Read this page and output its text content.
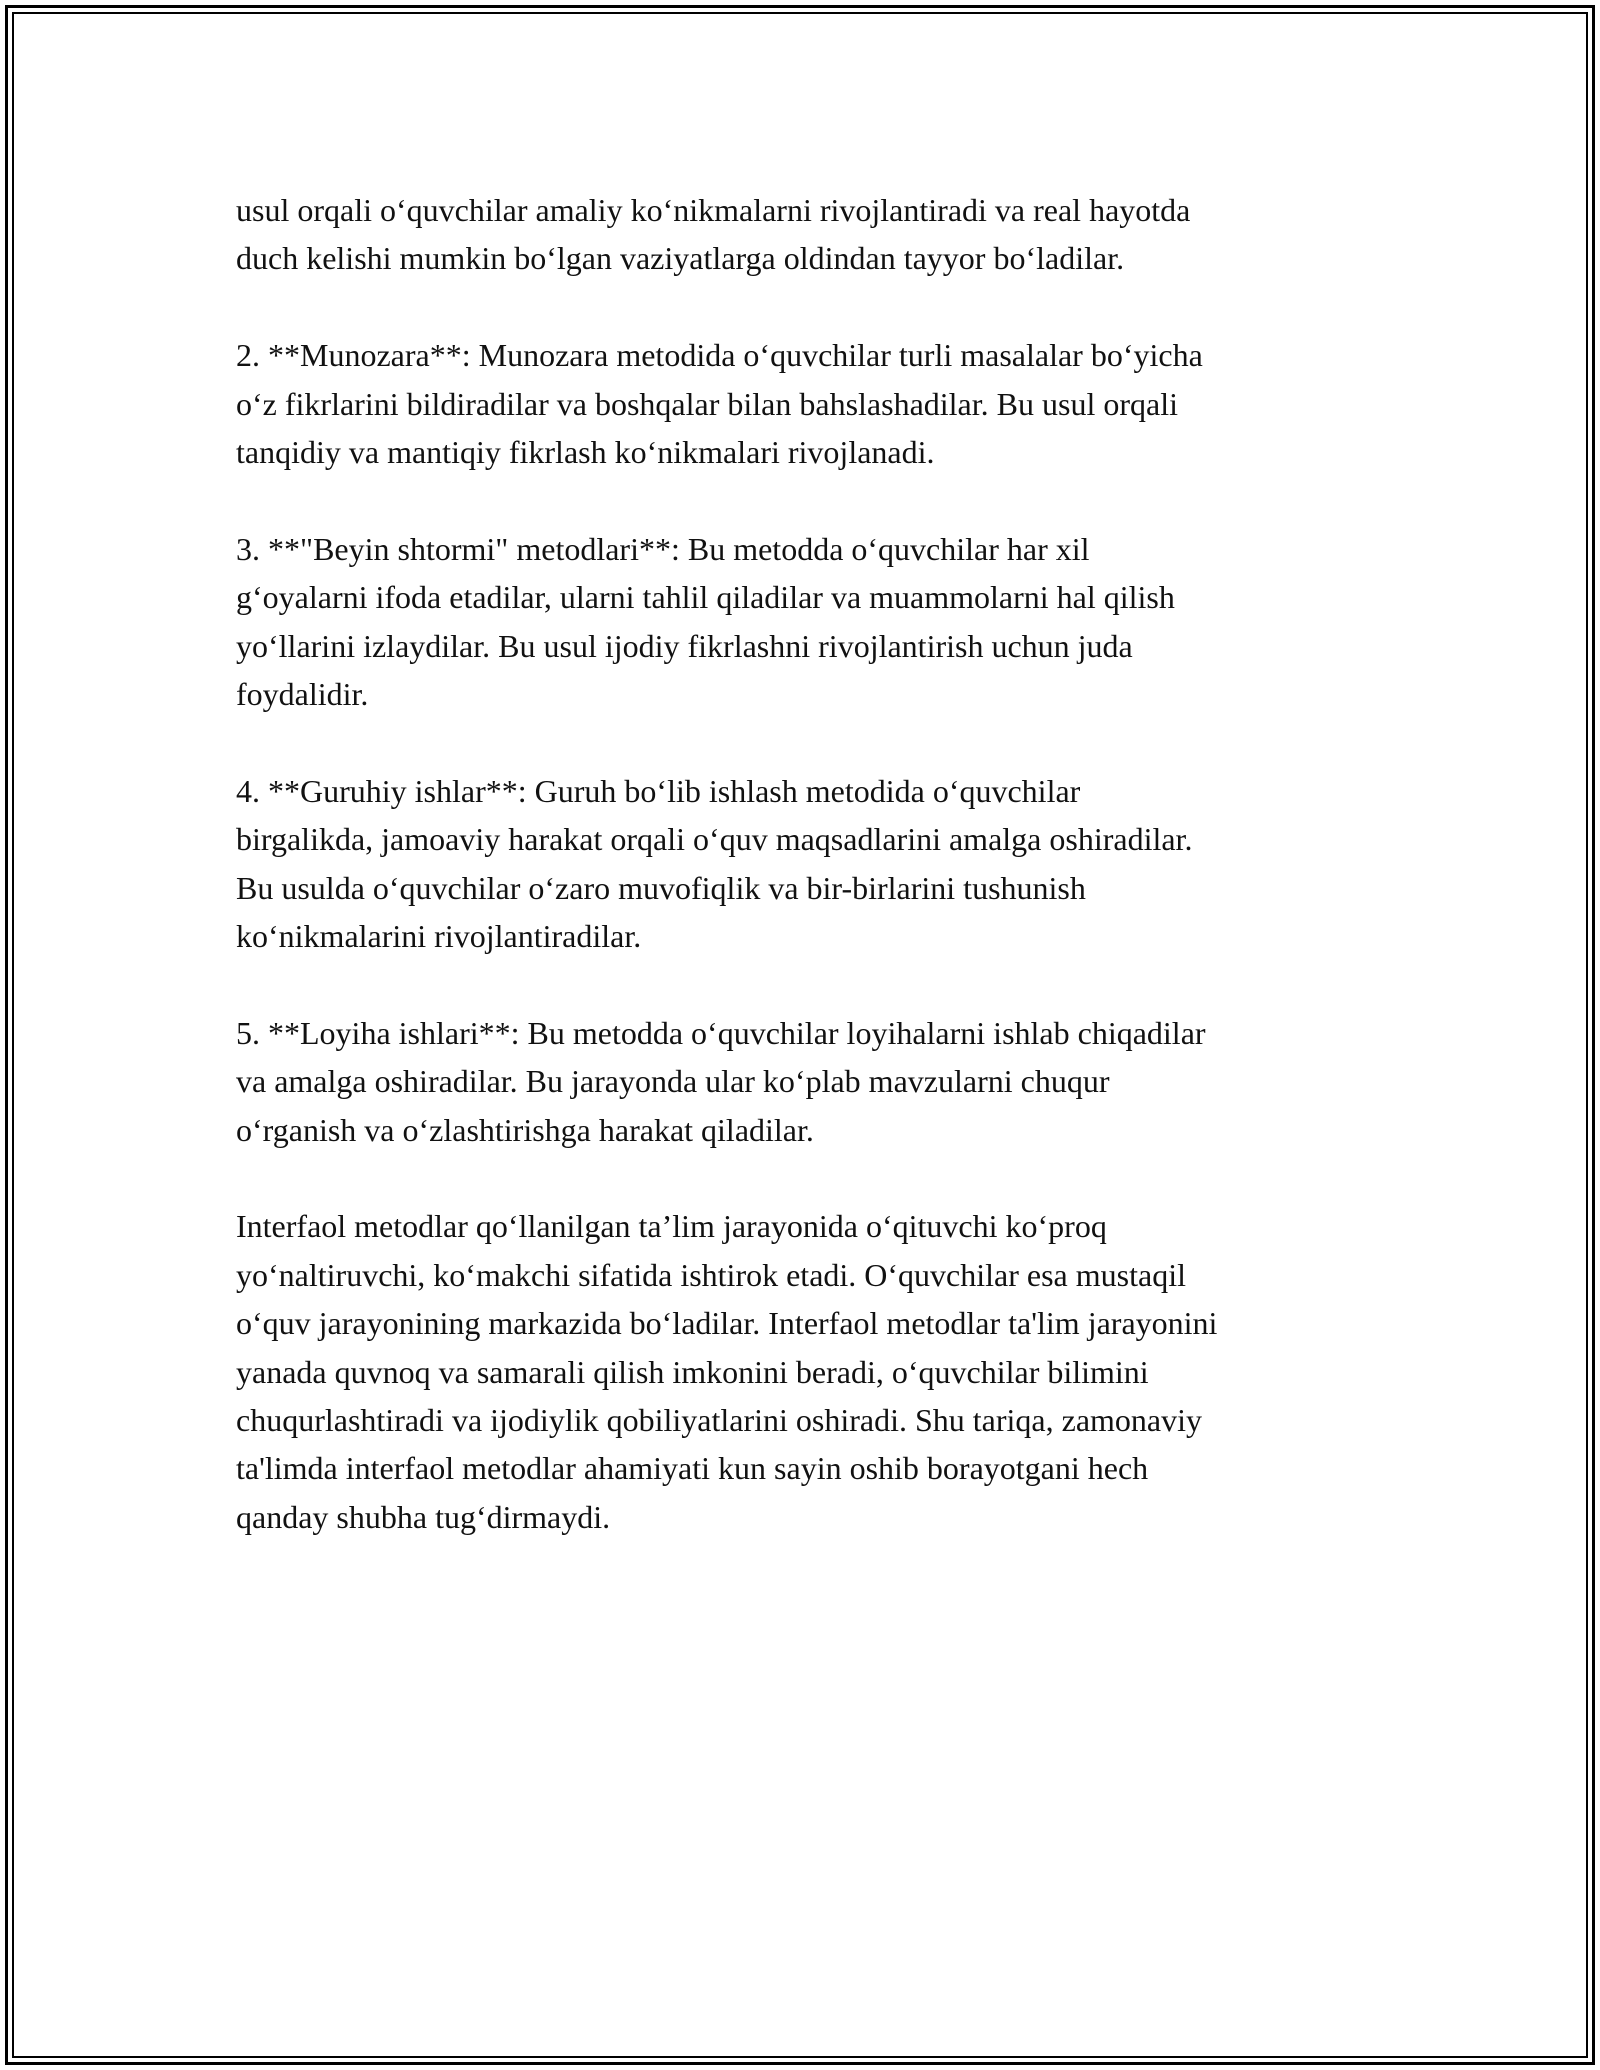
usul orqali o‘quvchilar amaliy ko‘nikmalarni rivojlantiradi va real hayotda
duch kelishi mumkin bo‘lgan vaziyatlarga oldindan tayyor bo‘ladilar.

2. **Munozara**: Munozara metodida o‘quvchilar turli masalalar bo‘yicha
o‘z fikrlarini bildiradilar va boshqalar bilan bahslashadilar. Bu usul orqali
tanqidiy va mantiqiy fikrlash ko‘nikmalari rivojlanadi.

3. **"Beyin shtormi" metodlari**: Bu metodda o‘quvchilar har xil
g‘oyalarni ifoda etadilar, ularni tahlil qiladilar va muammolarni hal qilish
yo‘llarini izlaydilar. Bu usul ijodiy fikrlashni rivojlantirish uchun juda
foydalidir.

4. **Guruhiy ishlar**: Guruh bo‘lib ishlash metodida o‘quvchilar
birgalikda, jamoaviy harakat orqali o‘quv maqsadlarini amalga oshiradilar.
Bu usulda o‘quvchilar o‘zaro muvofiqlik va bir-birlarini tushunish
ko‘nikmalarini rivojlantiradilar.

5. **Loyiha ishlari**: Bu metodda o‘quvchilar loyihalarni ishlab chiqadilar
va amalga oshiradilar. Bu jarayonda ular ko‘plab mavzularni chuqur
o‘rganish va o‘zlashtirishga harakat qiladilar.

Interfaol metodlar qo‘llanilgan ta’lim jarayonida o‘qituvchi ko‘proq
yo‘naltiruvchi, ko‘makchi sifatida ishtirok etadi. O‘quvchilar esa mustaqil
o‘quv jarayonining markazida bo‘ladilar. Interfaol metodlar ta'lim jarayonini
yanada quvnoq va samarali qilish imkonini beradi, o‘quvchilar bilimini
chuqurlashtiradi va ijodiylik qobiliyatlarini oshiradi. Shu tariqa, zamonaviy
ta'limda interfaol metodlar ahamiyati kun sayin oshib borayotgani hech
qanday shubha tug‘dirmaydi.
